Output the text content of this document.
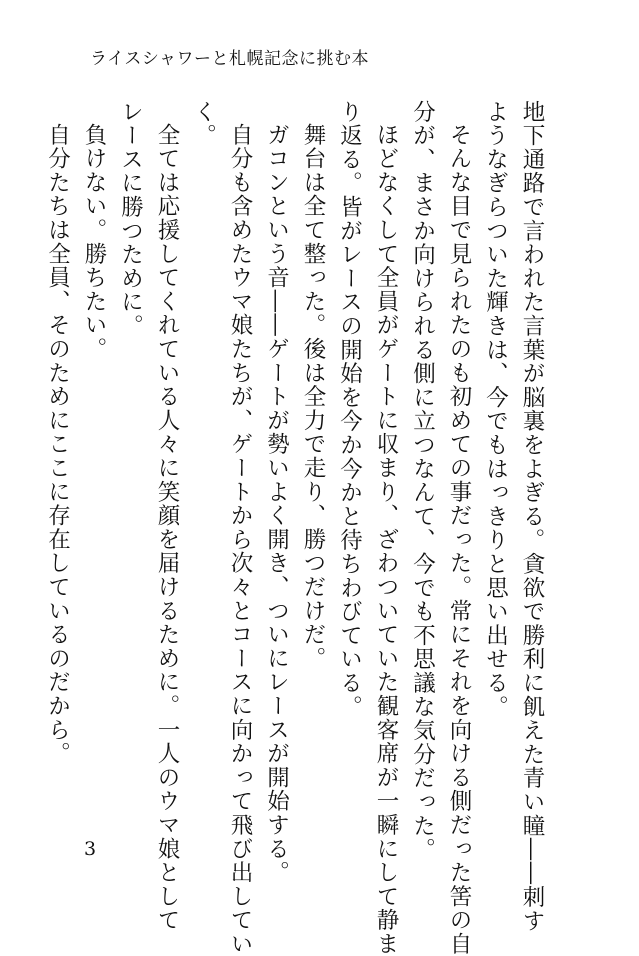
ライスシャワーと札幌記念に挑む本

地下通路で言われた言葉が脳裏をよぎる。貪欲で勝利に飢えた青い瞳――刺す

ようなぎらついた輝きは、今でもはっきりと思い出せる。

そんな目で見られたのも初めての事だった。常にそれを向ける側だった筈の自

分が、まさか向けられる側に立つなんて、今でも不思議な気分だった。

ほどなくして全員がゲートに収まり、ざわついていた観客席が一瞬にして静ま

り返る。皆がレースの開始を今か今かと待ちわびている。

舞台は全て整った。後は全力で走り、勝つだけだ。

ガコンという音――ゲートが勢いよく開き、ついにレースが開始する。

自分も含めたウマ娘たちが、ゲートから次々とコースに向かって飛び出してい

く。

全ては応援してくれている人々に笑顔を届けるために。一人のウマ娘として

レースに勝つために。

負けない。勝ちたい。

自分たちは全員、そのためにここに存在しているのだから。

3
